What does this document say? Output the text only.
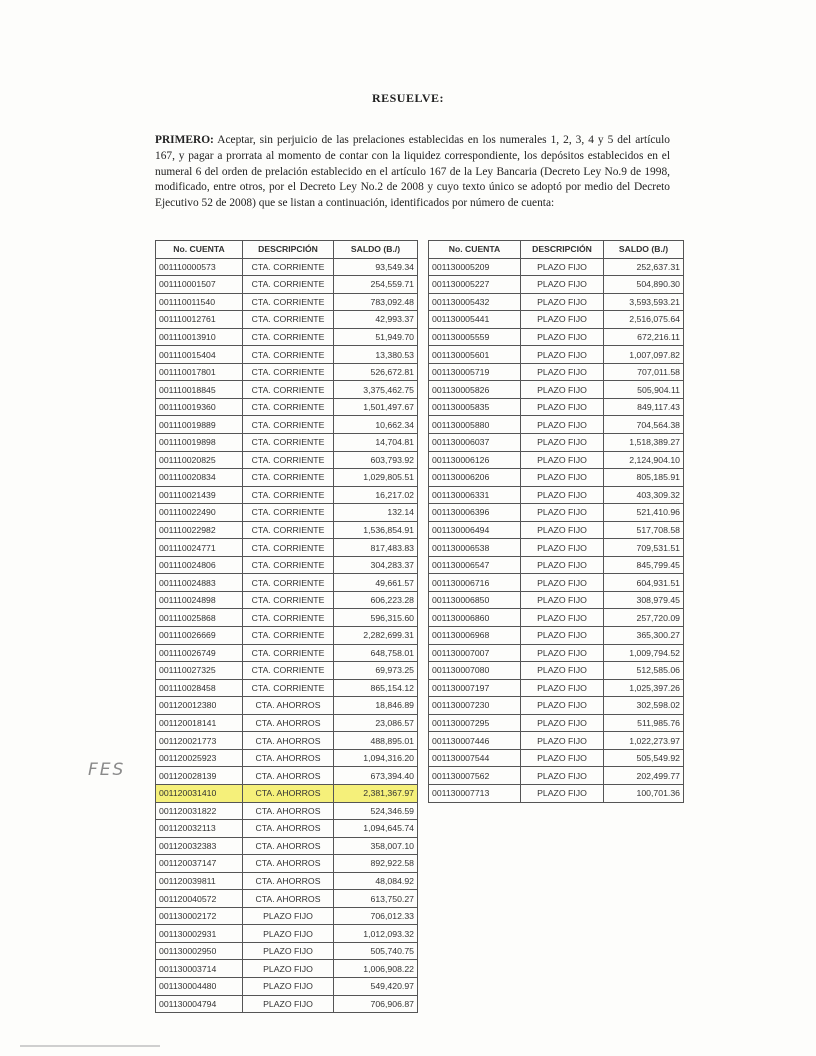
RESUELVE:

PRIMERO: Aceptar, sin perjuicio de las prelaciones establecidas en los numerales 1, 2, 3, 4 y 5 del artículo 167, y pagar a prorrata al momento de contar con la liquidez correspondiente, los depósitos establecidos en el numeral 6 del orden de prelación establecido en el artículo 167 de la Ley Bancaria (Decreto Ley No.9 de 1998, modificado, entre otros, por el Decreto Ley No.2 de 2008 y cuyo texto único se adoptó por medio del Decreto Ejecutivo 52 de 2008) que se listan a continuación, identificados por número de cuenta:

No. CUENTA	DESCRIPCIÓN	SALDO (B./)
001110000573	CTA. CORRIENTE	93,549.34
001110001507	CTA. CORRIENTE	254,559.71
001110011540	CTA. CORRIENTE	783,092.48
001110012761	CTA. CORRIENTE	42,993.37
001110013910	CTA. CORRIENTE	51,949.70
001110015404	CTA. CORRIENTE	13,380.53
001110017801	CTA. CORRIENTE	526,672.81
001110018845	CTA. CORRIENTE	3,375,462.75
001110019360	CTA. CORRIENTE	1,501,497.67
001110019889	CTA. CORRIENTE	10,662.34
001110019898	CTA. CORRIENTE	14,704.81
001110020825	CTA. CORRIENTE	603,793.92
001110020834	CTA. CORRIENTE	1,029,805.51
001110021439	CTA. CORRIENTE	16,217.02
001110022490	CTA. CORRIENTE	132.14
001110022982	CTA. CORRIENTE	1,536,854.91
001110024771	CTA. CORRIENTE	817,483.83
001110024806	CTA. CORRIENTE	304,283.37
001110024883	CTA. CORRIENTE	49,661.57
001110024898	CTA. CORRIENTE	606,223.28
001110025868	CTA. CORRIENTE	596,315.60
001110026669	CTA. CORRIENTE	2,282,699.31
001110026749	CTA. CORRIENTE	648,758.01
001110027325	CTA. CORRIENTE	69,973.25
001110028458	CTA. CORRIENTE	865,154.12
001120012380	CTA. AHORROS	18,846.89
001120018141	CTA. AHORROS	23,086.57
001120021773	CTA. AHORROS	488,895.01
001120025923	CTA. AHORROS	1,094,316.20
001120028139	CTA. AHORROS	673,394.40
001120031410	CTA. AHORROS	2,381,367.97
001120031822	CTA. AHORROS	524,346.59
001120032113	CTA. AHORROS	1,094,645.74
001120032383	CTA. AHORROS	358,007.10
001120037147	CTA. AHORROS	892,922.58
001120039811	CTA. AHORROS	48,084.92
001120040572	CTA. AHORROS	613,750.27
001130002172	PLAZO FIJO	706,012.33
001130002931	PLAZO FIJO	1,012,093.32
001130002950	PLAZO FIJO	505,740.75
001130003714	PLAZO FIJO	1,006,908.22
001130004480	PLAZO FIJO	549,420.97
001130004794	PLAZO FIJO	706,906.87
No. CUENTA	DESCRIPCIÓN	SALDO (B./)
001130005209	PLAZO FIJO	252,637.31
001130005227	PLAZO FIJO	504,890.30
001130005432	PLAZO FIJO	3,593,593.21
001130005441	PLAZO FIJO	2,516,075.64
001130005559	PLAZO FIJO	672,216.11
001130005601	PLAZO FIJO	1,007,097.82
001130005719	PLAZO FIJO	707,011.58
001130005826	PLAZO FIJO	505,904.11
001130005835	PLAZO FIJO	849,117.43
001130005880	PLAZO FIJO	704,564.38
001130006037	PLAZO FIJO	1,518,389.27
001130006126	PLAZO FIJO	2,124,904.10
001130006206	PLAZO FIJO	805,185.91
001130006331	PLAZO FIJO	403,309.32
001130006396	PLAZO FIJO	521,410.96
001130006494	PLAZO FIJO	517,708.58
001130006538	PLAZO FIJO	709,531.51
001130006547	PLAZO FIJO	845,799.45
001130006716	PLAZO FIJO	604,931.51
001130006850	PLAZO FIJO	308,979.45
001130006860	PLAZO FIJO	257,720.09
001130006968	PLAZO FIJO	365,300.27
001130007007	PLAZO FIJO	1,009,794.52
001130007080	PLAZO FIJO	512,585.06
001130007197	PLAZO FIJO	1,025,397.26
001130007230	PLAZO FIJO	302,598.02
001130007295	PLAZO FIJO	511,985.76
001130007446	PLAZO FIJO	1,022,273.97
001130007544	PLAZO FIJO	505,549.92
001130007562	PLAZO FIJO	202,499.77
001130007713	PLAZO FIJO	100,701.36
FES
